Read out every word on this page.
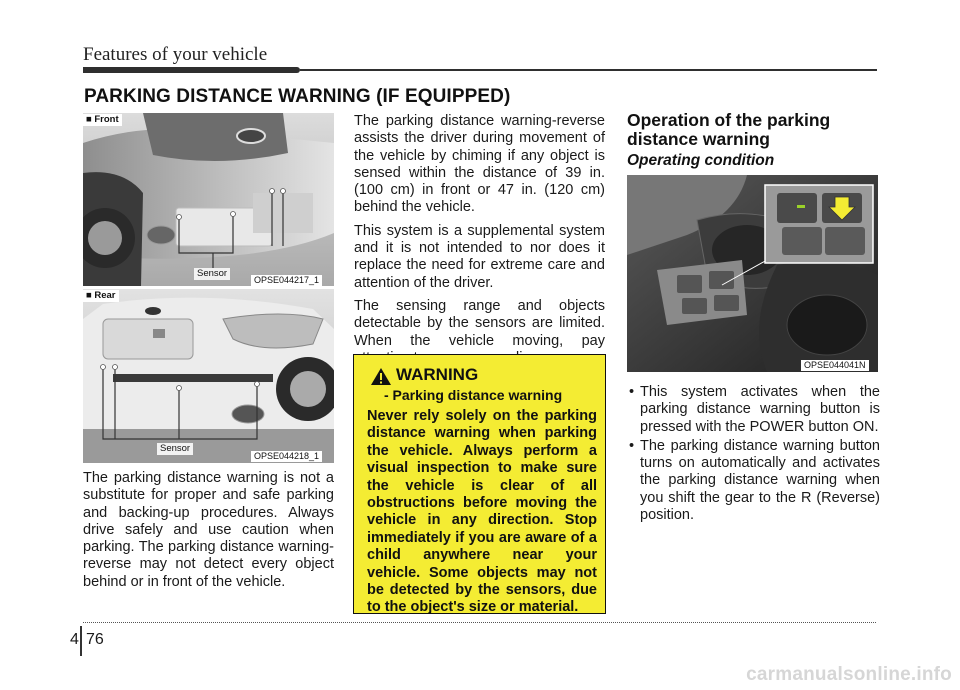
Features of your vehicle
PARKING DISTANCE WARNING (IF EQUIPPED)
■ Front
Sensor
OPSE044217_1
■ Rear
Sensor
OPSE044218_1
The parking distance warning is not a substitute for proper and safe parking and backing-up procedures. Always drive safely and use caution when parking. The parking distance warning-reverse may not detect every object behind or in front of the vehicle.

The parking distance warning-reverse assists the driver during movement of the vehicle by chiming if any object is sensed within the distance of 39 in. (100 cm) in front or 47 in. (120 cm) behind the vehicle.

This system is a supplemental system and it is not intended to nor does it replace the need for extreme care and attention of the driver.

The sensing range and objects detectable by the sensors are limited. When the vehicle moving, pay

WARNING
- Parking distance warning
Never rely solely on the parking distance warning when parking the vehicle. Always perform a visual inspection to make sure the vehicle is clear of all obstructions before moving the vehicle in any direction. Stop immediately if you are aware of a child anywhere near your vehicle. Some objects may not be detected by the sensors, due to the object's size or material.
Operation of the parking distance warning
Operating condition
OPSE044041N
• This system activates when the parking distance warning button is pressed with the POWER button ON.
• The parking distance warning button turns on automatically and activates the parking distance warning when you shift the gear to the R (Reverse) position.
4 76
carmanualsonline.info
